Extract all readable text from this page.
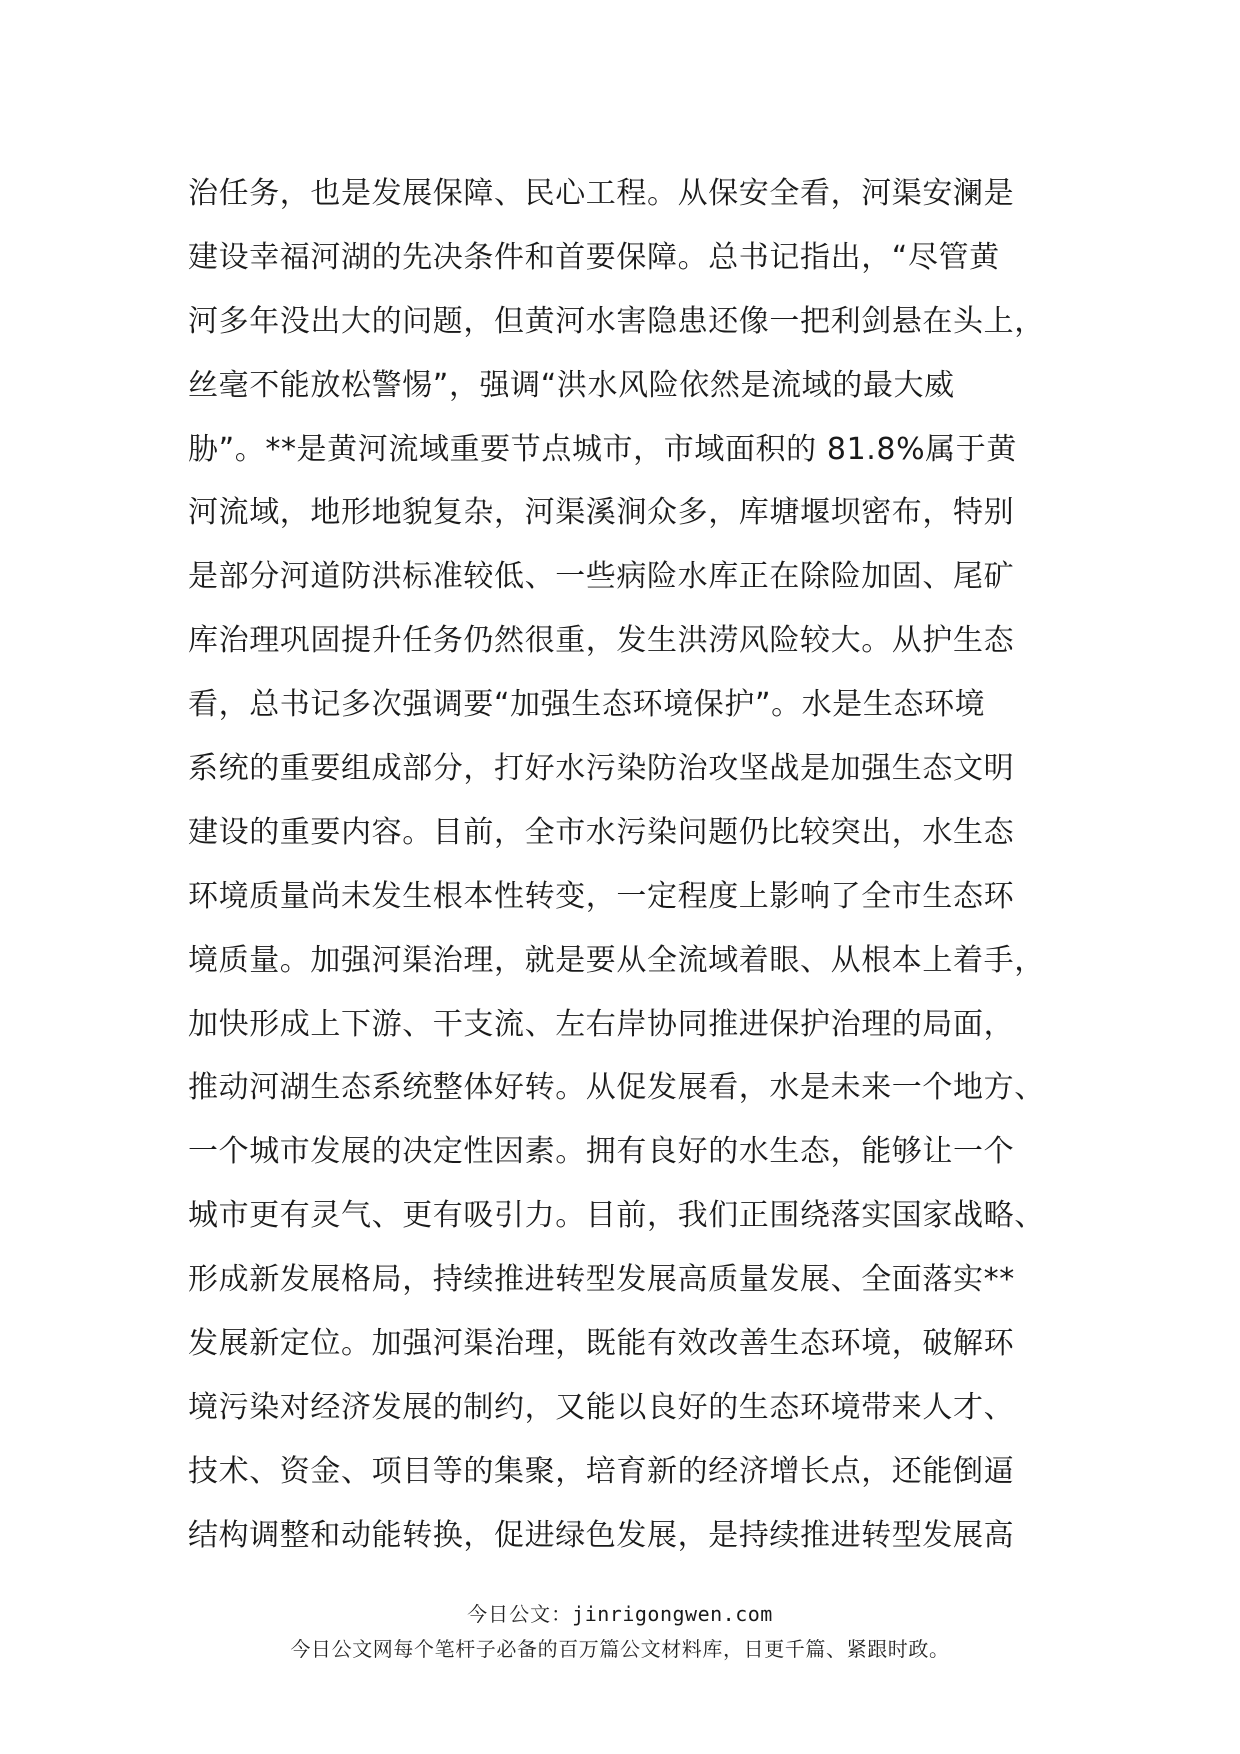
治任务，也是发展保障、民心工程。从保安全看，河渠安澜是
建设幸福河湖的先决条件和首要保障。总书记指出，“尽管黄
河多年没出大的问题，但黄河水害隐患还像一把利剑悬在头上，
丝毫不能放松警惕”，强调“洪水风险依然是流域的最大威
胁”。**是黄河流域重要节点城市，市域面积的 81.8%属于黄
河流域，地形地貌复杂，河渠溪涧众多，库塘堰坝密布，特别
是部分河道防洪标准较低、一些病险水库正在除险加固、尾矿
库治理巩固提升任务仍然很重，发生洪涝风险较大。从护生态
看，总书记多次强调要“加强生态环境保护”。水是生态环境
系统的重要组成部分，打好水污染防治攻坚战是加强生态文明
建设的重要内容。目前，全市水污染问题仍比较突出，水生态
环境质量尚未发生根本性转变，一定程度上影响了全市生态环
境质量。加强河渠治理，就是要从全流域着眼、从根本上着手，
加快形成上下游、干支流、左右岸协同推进保护治理的局面，
推动河湖生态系统整体好转。从促发展看，水是未来一个地方、
一个城市发展的决定性因素。拥有良好的水生态，能够让一个
城市更有灵气、更有吸引力。目前，我们正围绕落实国家战略、
形成新发展格局，持续推进转型发展高质量发展、全面落实**
发展新定位。加强河渠治理，既能有效改善生态环境，破解环
境污染对经济发展的制约，又能以良好的生态环境带来人才、
技术、资金、项目等的集聚，培育新的经济增长点，还能倒逼
结构调整和动能转换，促进绿色发展，是持续推进转型发展高
今日公文：jinrigongwen.com
今日公文网每个笔杆子必备的百万篇公文材料库，日更千篇、紧跟时政。
